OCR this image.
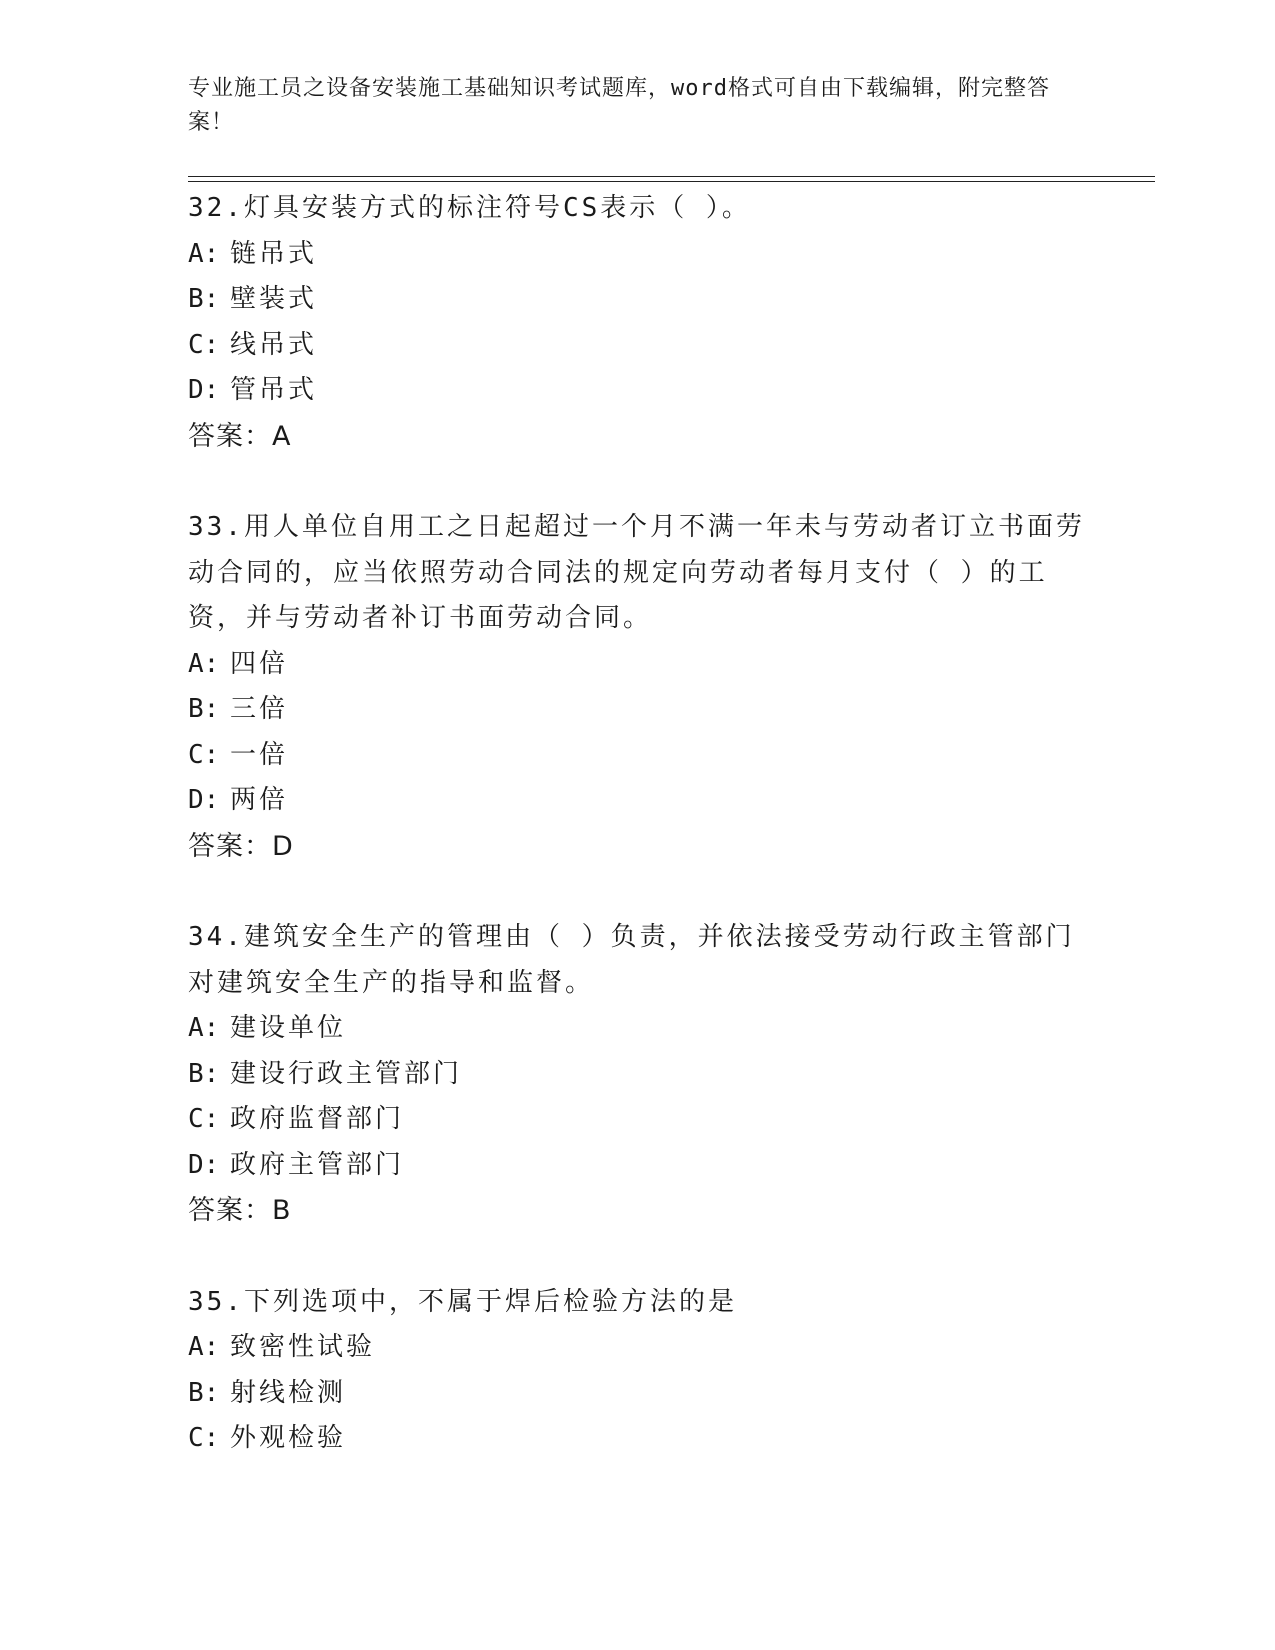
专业施工员之设备安装施工基础知识考试题库，word格式可自由下载编辑，附完整答案！
32.灯具安装方式的标注符号CS表示（ ）。
A: 链吊式
B: 壁装式
C: 线吊式
D: 管吊式
答案：A
33.用人单位自用工之日起超过一个月不满一年未与劳动者订立书面劳动合同的，应当依照劳动合同法的规定向劳动者每月支付（ ）的工资，并与劳动者补订书面劳动合同。
A: 四倍
B: 三倍
C: 一倍
D: 两倍
答案：D
34.建筑安全生产的管理由（ ）负责，并依法接受劳动行政主管部门对建筑安全生产的指导和监督。
A: 建设单位
B: 建设行政主管部门
C: 政府监督部门
D: 政府主管部门
答案：B
35.下列选项中，不属于焊后检验方法的是
A: 致密性试验
B: 射线检测
C: 外观检验
